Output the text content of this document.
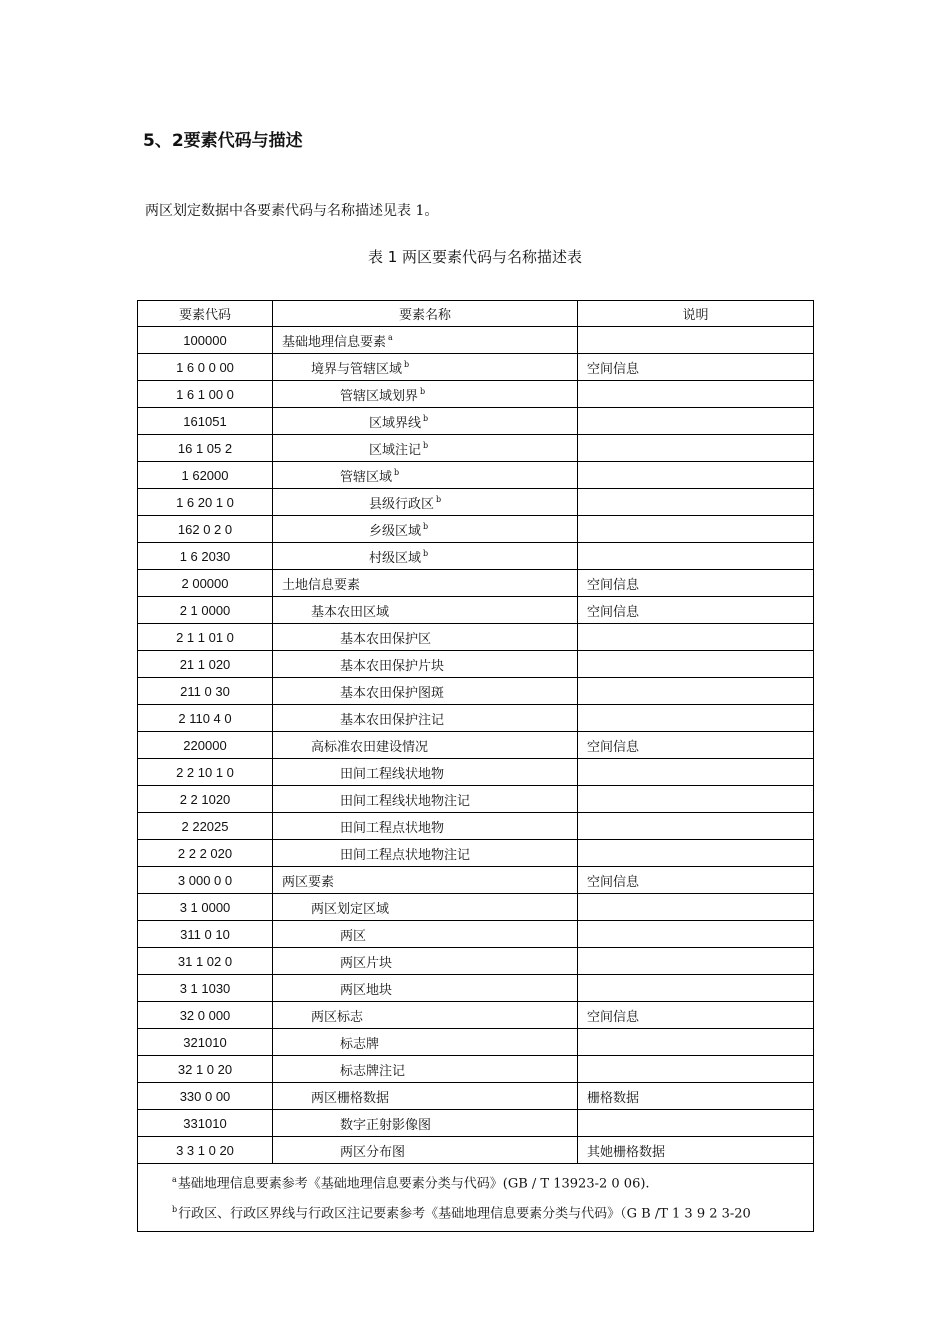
5、2要素代码与描述
两区划定数据中各要素代码与名称描述见表 1。
表 1 两区要素代码与名称描述表
要素代码	要素名称	说明
100000	基础地理信息要素 $^a$	
1 6 0 0 00	境界与管辖区域 $^b$	空间信息
1 6 1 00 0	管辖区域划界 $^b$	
161051	区域界线 $^b$	
16 1 05 2	区域注记 $^b$	
1 62000	管辖区域 $^b$	
1 6 20 1 0	县级行政区 $^b$	
162 0 2 0	乡级区域 $^b$	
1 6 2030	村级区域 $^b$	
2 00000	土地信息要素	空间信息
2 1 0000	基本农田区域	空间信息
2 1 1 01 0	基本农田保护区	
21 1 020	基本农田保护片块	
211 0 30	基本农田保护图斑	
2 110 4 0	基本农田保护注记	
220000	高标准农田建设情况	空间信息
2 2 10 1 0	田间工程线状地物	
2 2 1020	田间工程线状地物注记	
2 22025	田间工程点状地物	
2 2 2 020	田间工程点状地物注记	
3 000 0 0	两区要素	空间信息
3 1 0000	两区划定区域	
311 0 10	两区	
31 1 02 0	两区片块	
3 1 1030	两区地块	
32 0 000	两区标志	空间信息
321010	标志牌	
32 1 0 20	标志牌注记	
330 0 00	两区栅格数据	栅格数据
331010	数字正射影像图	
3 3 1 0 20	两区分布图	其她栅格数据

$^a$基础地理信息要素参考《基础地理信息要素分类与代码》(GB / T 13923-2 0 06).
$^b$行政区、行政区界线与行政区注记要素参考《基础地理信息要素分类与代码》（G B /T 1 3 9 2 3-20		
